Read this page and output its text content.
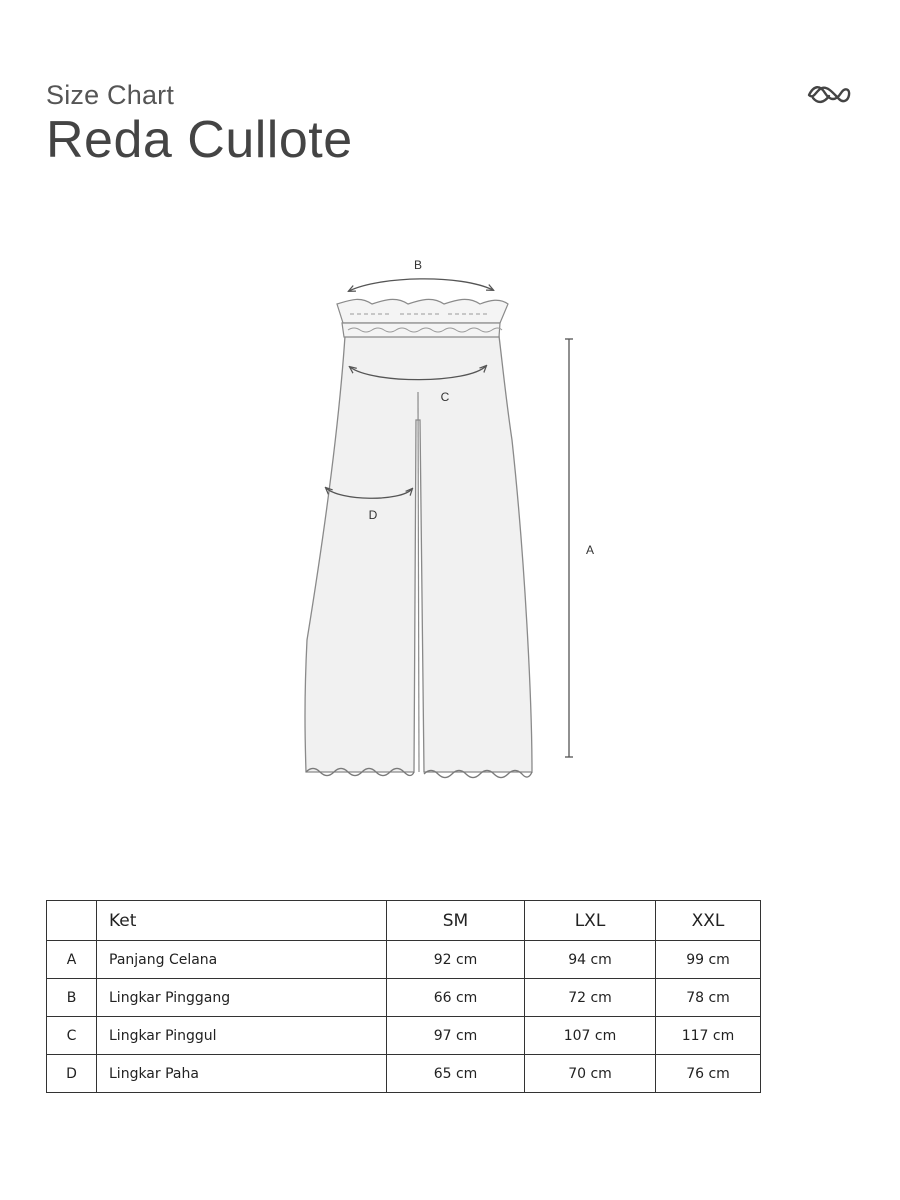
Size Chart
Reda Cullote
B
C
D
A
	Ket	SM	LXL	XXL
A	Panjang Celana	92 cm	94 cm	99 cm
B	Lingkar Pinggang	66 cm	72 cm	78 cm
C	Lingkar Pinggul	97 cm	107 cm	117 cm
D	Lingkar Paha	65 cm	70 cm	76 cm
